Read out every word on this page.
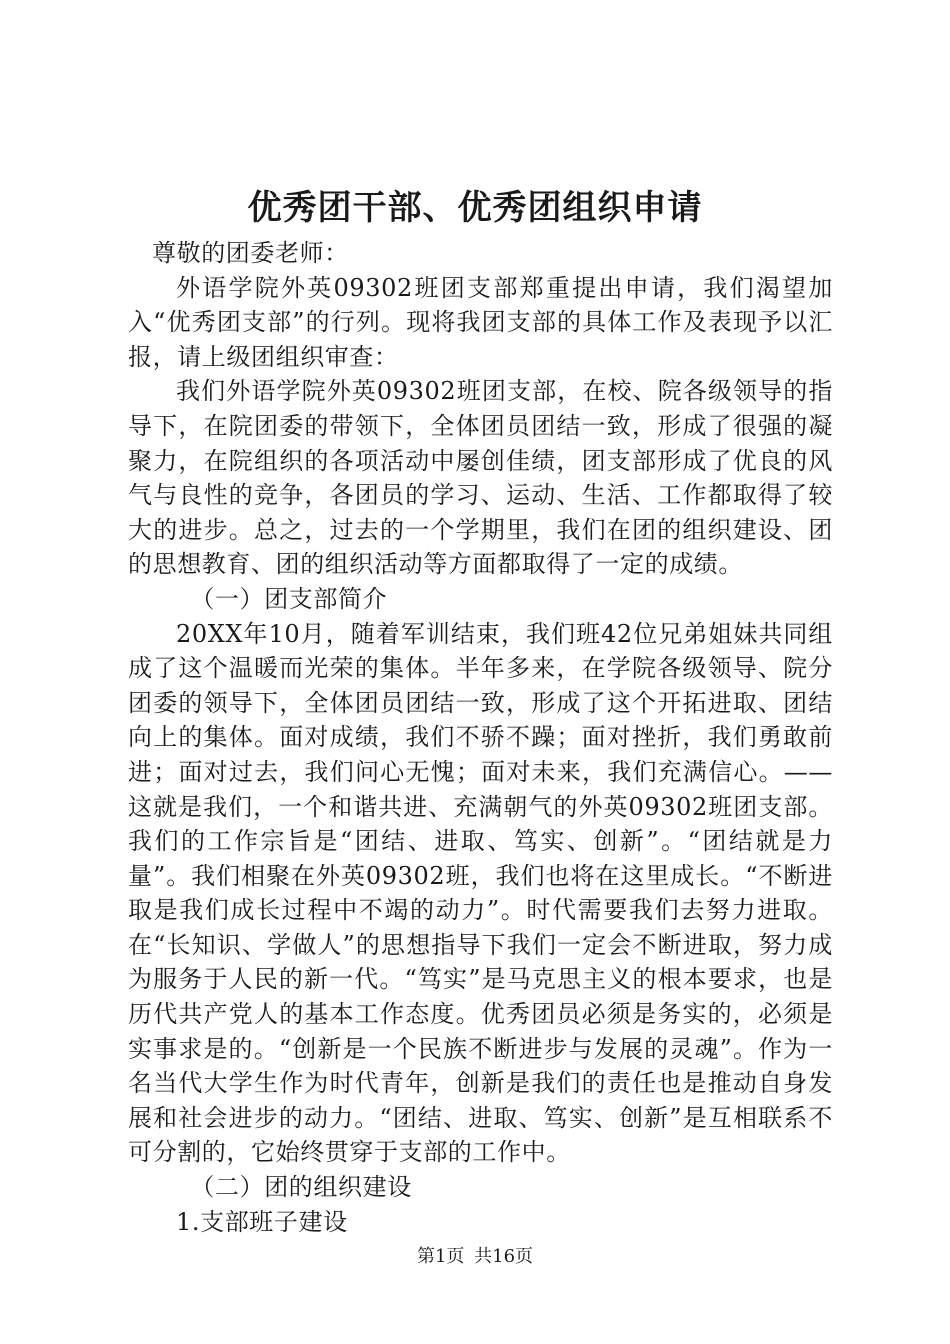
优秀团干部、优秀团组织申请

尊敬的团委老师：

外语学院外英09302班团支部郑重提出申请，我们渴望加入“优秀团支部”的行列。现将我团支部的具体工作及表现予以汇报，请上级团组织审查：

我们外语学院外英09302班团支部，在校、院各级领导的指导下，在院团委的带领下，全体团员团结一致，形成了很强的凝聚力，在院组织的各项活动中屡创佳绩，团支部形成了优良的风气与良性的竞争，各团员的学习、运动、生活、工作都取得了较大的进步。总之，过去的一个学期里，我们在团的组织建设、团的思想教育、团的组织活动等方面都取得了一定的成绩。

（一）团支部简介

20XX年10月，随着军训结束，我们班42位兄弟姐妹共同组成了这个温暖而光荣的集体。半年多来，在学院各级领导、院分团委的领导下，全体团员团结一致，形成了这个开拓进取、团结向上的集体。面对成绩，我们不骄不躁；面对挫折，我们勇敢前进；面对过去，我们问心无愧；面对未来，我们充满信心。——这就是我们，一个和谐共进、充满朝气的外英09302班团支部。我们的工作宗旨是“团结、进取、笃实、创新”。“团结就是力量”。我们相聚在外英09302班，我们也将在这里成长。“不断进取是我们成长过程中不竭的动力”。时代需要我们去努力进取。在“长知识、学做人”的思想指导下我们一定会不断进取，努力成为服务于人民的新一代。“笃实”是马克思主义的根本要求，也是历代共产党人的基本工作态度。优秀团员必须是务实的，必须是实事求是的。“创新是一个民族不断进步与发展的灵魂”。作为一名当代大学生作为时代青年，创新是我们的责任也是推动自身发展和社会进步的动力。“团结、进取、笃实、创新”是互相联系不可分割的，它始终贯穿于支部的工作中。

（二）团的组织建设

1.支部班子建设

第1页 共16页
